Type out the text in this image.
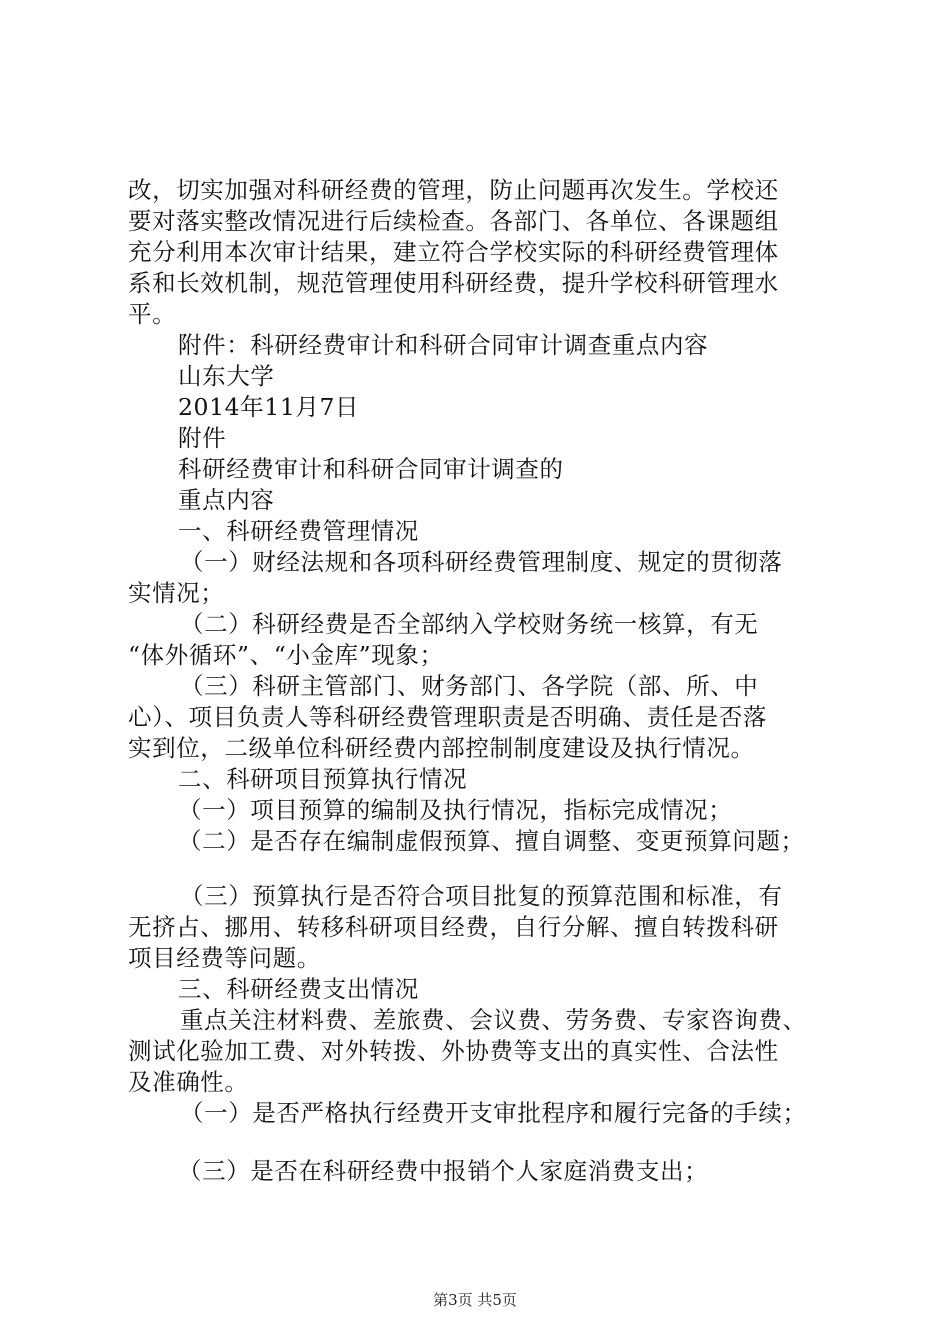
改，切实加强对科研经费的管理，防止问题再次发生。学校还
要对落实整改情况进行后续检查。各部门、各单位、各课题组
充分利用本次审计结果，建立符合学校实际的科研经费管理体
系和长效机制，规范管理使用科研经费，提升学校科研管理水
平。
附件：科研经费审计和科研合同审计调查重点内容
山东大学
2014年11月7日
附件
科研经费审计和科研合同审计调查的
重点内容
一、科研经费管理情况
（一）财经法规和各项科研经费管理制度、规定的贯彻落
实情况；
（二）科研经费是否全部纳入学校财务统一核算，有无
“体外循环”、“小金库”现象；
（三）科研主管部门、财务部门、各学院（部、所、中
心）、项目负责人等科研经费管理职责是否明确、责任是否落
实到位，二级单位科研经费内部控制制度建设及执行情况。
二、科研项目预算执行情况
（一）项目预算的编制及执行情况，指标完成情况；
（二）是否存在编制虚假预算、擅自调整、变更预算问题；
（三）预算执行是否符合项目批复的预算范围和标准，有
无挤占、挪用、转移科研项目经费，自行分解、擅自转拨科研
项目经费等问题。
三、科研经费支出情况
重点关注材料费、差旅费、会议费、劳务费、专家咨询费、
测试化验加工费、对外转拨、外协费等支出的真实性、合法性
及准确性。
（一）是否严格执行经费开支审批程序和履行完备的手续；
（三）是否在科研经费中报销个人家庭消费支出；
第3页 共5页
